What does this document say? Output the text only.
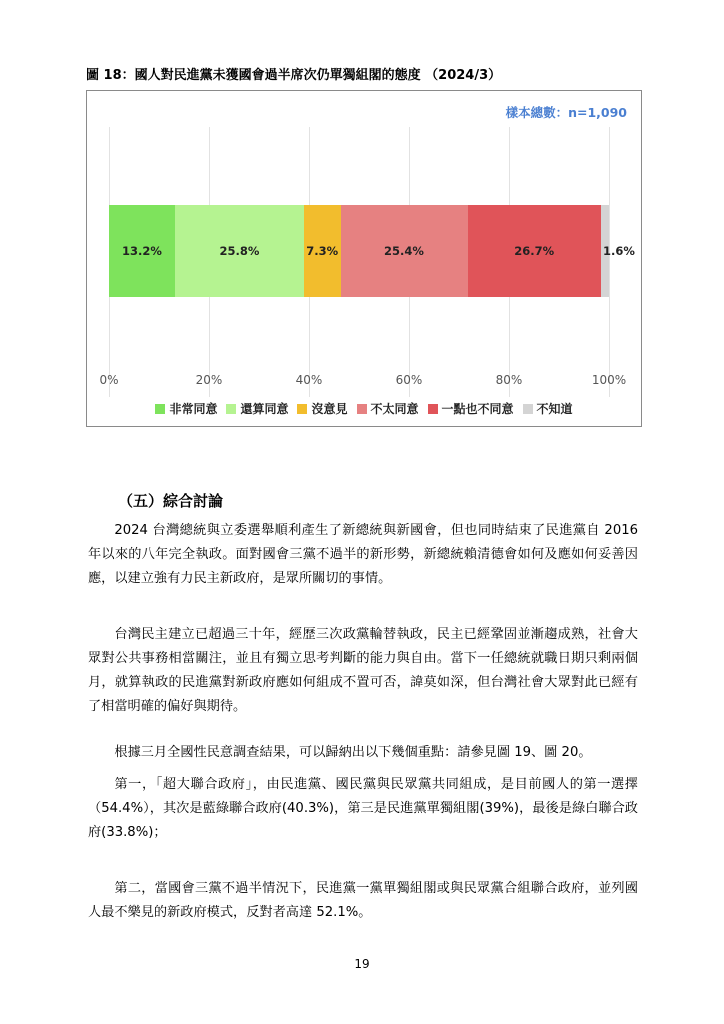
圖 18：國人對民進黨未獲國會過半席次仍單獨組閣的態度 （2024/3）
樣本總數：n=1,090
0%	20%	40%	60%	80%	100%
13.2%	25.8%	7.3%	25.4%	26.7%	1.6%
非常同意 還算同意 沒意見 不太同意 一點也不同意 不知道
（五）綜合討論
2024 台灣總統與立委選舉順利產生了新總統與新國會，但也同時結束了民進黨自 2016 年以來的八年完全執政。面對國會三黨不過半的新形勢，新總統賴清德會如何及應如何妥善因應，以建立強有力民主新政府，是眾所關切的事情。
台灣民主建立已超過三十年，經歷三次政黨輪替執政，民主已經鞏固並漸趨成熟，社會大眾對公共事務相當關注，並且有獨立思考判斷的能力與自由。當下一任總統就職日期只剩兩個月，就算執政的民進黨對新政府應如何組成不置可否，諱莫如深，但台灣社會大眾對此已經有了相當明確的偏好與期待。
根據三月全國性民意調查結果，可以歸納出以下幾個重點：請參見圖 19、圖 20。
第一，「超大聯合政府」，由民進黨、國民黨與民眾黨共同組成，是目前國人的第一選擇（54.4%），其次是藍綠聯合政府(40.3%)，第三是民進黨單獨組閣(39%)，最後是綠白聯合政府(33.8%)；
第二，當國會三黨不過半情況下，民進黨一黨單獨組閣或與民眾黨合組聯合政府，並列國人最不樂見的新政府模式，反對者高達 52.1%。
19
